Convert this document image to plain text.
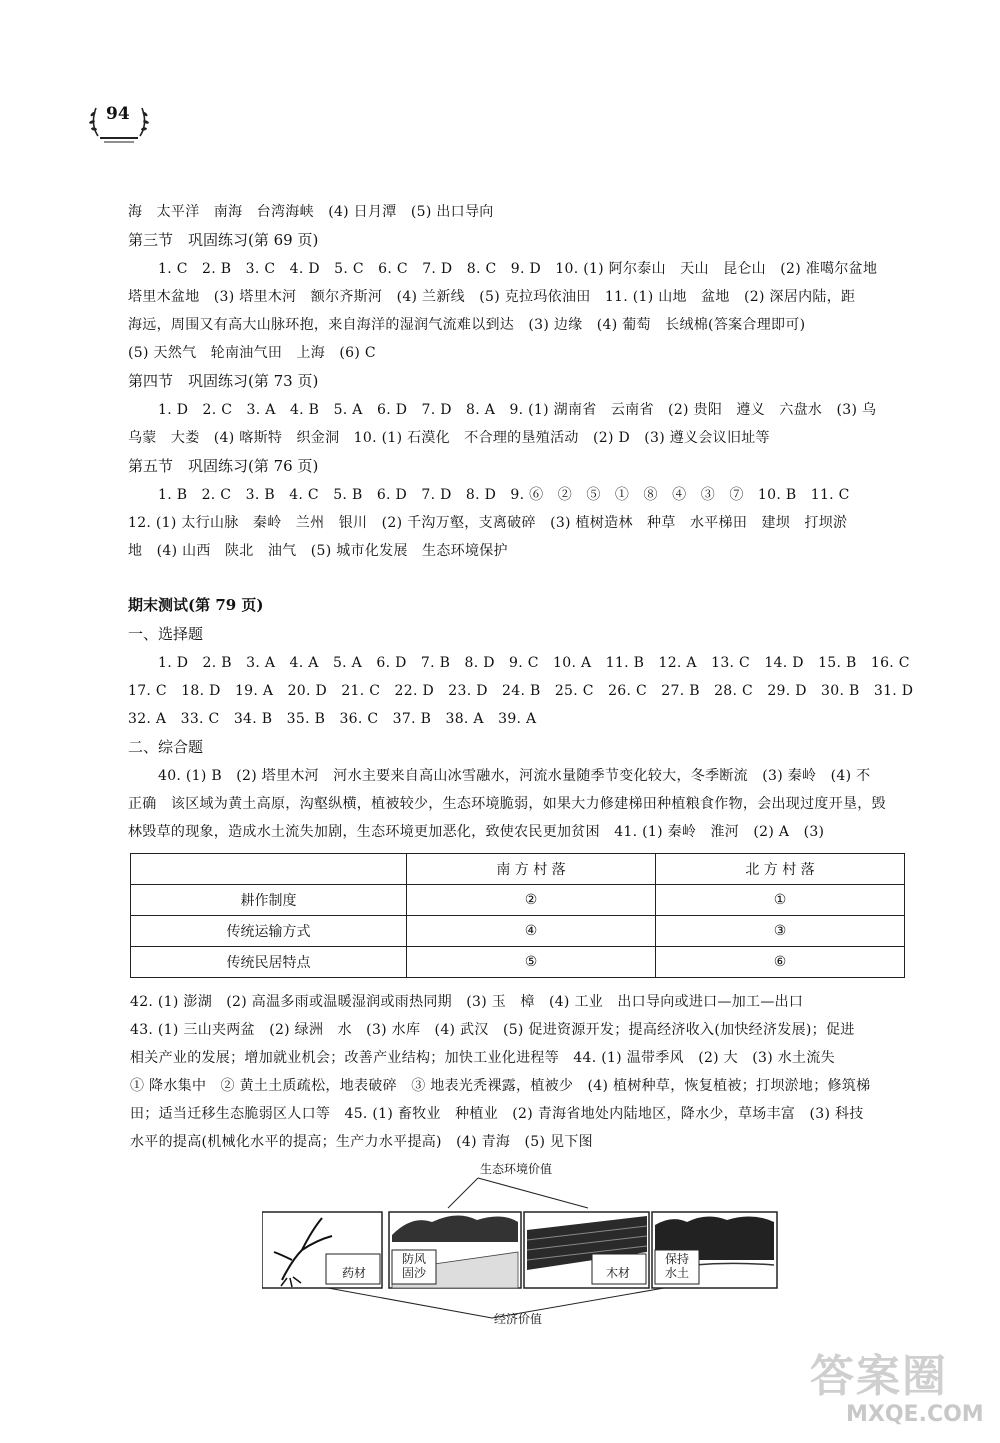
94
海　太平洋　南海　台湾海峡　(4) 日月潭　(5) 出口导向
第三节　巩固练习(第 69 页)
1. C　2. B　3. C　4. D　5. C　6. C　7. D　8. C　9. D　10. (1) 阿尔泰山　天山　昆仑山　(2) 准噶尔盆地
塔里木盆地　(3) 塔里木河　额尔齐斯河　(4) 兰新线　(5) 克拉玛依油田　11. (1) 山地　盆地　(2) 深居内陆，距
海远，周围又有高大山脉环抱，来自海洋的湿润气流难以到达　(3) 边缘　(4) 葡萄　长绒棉(答案合理即可)
(5) 天然气　轮南油气田　上海　(6) C
第四节　巩固练习(第 73 页)
1. D　2. C　3. A　4. B　5. A　6. D　7. D　8. A　9. (1) 湖南省　云南省　(2) 贵阳　遵义　六盘水　(3) 乌
乌蒙　大娄　(4) 喀斯特　织金洞　10. (1) 石漠化　不合理的垦殖活动　(2) D　(3) 遵义会议旧址等
第五节　巩固练习(第 76 页)
1. B　2. C　3. B　4. C　5. B　6. D　7. D　8. D　9. ⑥　②　⑤　①　⑧　④　③　⑦　10. B　11. C
12. (1) 太行山脉　秦岭　兰州　银川　(2) 千沟万壑，支离破碎　(3) 植树造林　种草　水平梯田　建坝　打坝淤
地　(4) 山西　陕北　油气　(5) 城市化发展　生态环境保护
期末测试(第 79 页)
一、选择题
1. D　2. B　3. A　4. A　5. A　6. D　7. B　8. D　9. C　10. A　11. B　12. A　13. C　14. D　15. B　16. C
17. C　18. D　19. A　20. D　21. C　22. D　23. D　24. B　25. C　26. C　27. B　28. C　29. D　30. B　31. D
32. A　33. C　34. B　35. B　36. C　37. B　38. A　39. A
二、综合题
40. (1) B　(2) 塔里木河　河水主要来自高山冰雪融水，河流水量随季节变化较大，冬季断流　(3) 秦岭　(4) 不
正确　该区域为黄土高原，沟壑纵横，植被较少，生态环境脆弱，如果大力修建梯田种植粮食作物，会出现过度开垦，毁
林毁草的现象，造成水土流失加剧，生态环境更加恶化，致使农民更加贫困　41. (1) 秦岭　淮河　(2) A　(3)
	南 方 村 落	北 方 村 落
耕作制度	②	①
传统运输方式	④	③
传统民居特点	⑤	⑥
42. (1) 澎湖　(2) 高温多雨或温暖湿润或雨热同期　(3) 玉　樟　(4) 工业　出口导向或进口—加工—出口
43. (1) 三山夹两盆　(2) 绿洲　水　(3) 水库　(4) 武汉　(5) 促进资源开发；提高经济收入(加快经济发展)；促进
相关产业的发展；增加就业机会；改善产业结构；加快工业化进程等　44. (1) 温带季风　(2) 大　(3) 水土流失
① 降水集中　② 黄土土质疏松，地表破碎　③ 地表光秃裸露，植被少　(4) 植树种草，恢复植被；打坝淤地；修筑梯
田；适当迁移生态脆弱区人口等　45. (1) 畜牧业　种植业　(2) 青海省地处内陆地区，降水少，草场丰富　(3) 科技
水平的提高(机械化水平的提高；生产力水平提高)　(4) 青海　(5) 见下图
生态环境价值
药材
防风
固沙	木材
保持
水土
经济价值
答案圈
MXQE.COM
